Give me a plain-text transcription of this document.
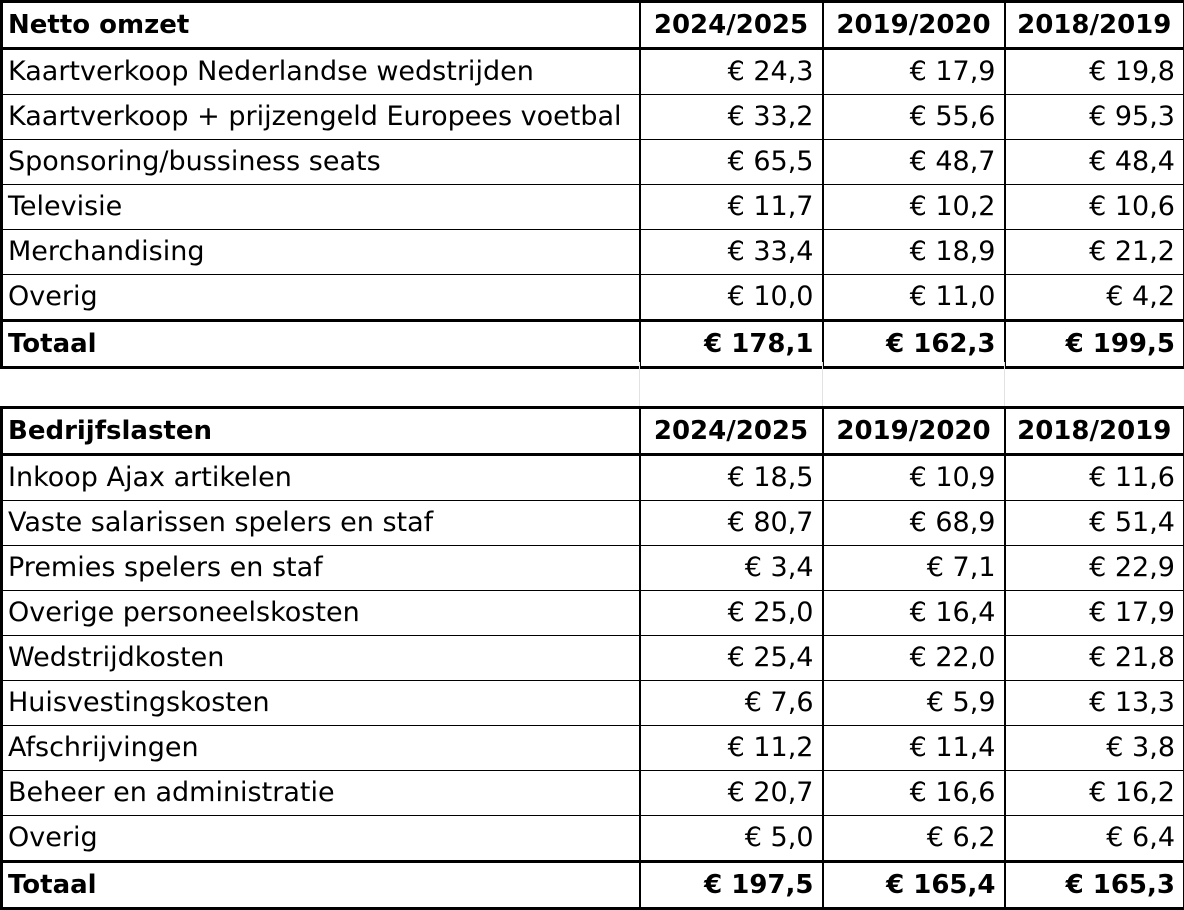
Netto omzet	2024/2025	2019/2020	2018/2019
Kaartverkoop Nederlandse wedstrijden	€ 24,3	€ 17,9	€ 19,8
Kaartverkoop + prijzengeld Europees voetbal	€ 33,2	€ 55,6	€ 95,3
Sponsoring/bussiness seats	€ 65,5	€ 48,7	€ 48,4
Televisie	€ 11,7	€ 10,2	€ 10,6
Merchandising	€ 33,4	€ 18,9	€ 21,2
Overig	€ 10,0	€ 11,0	€ 4,2
Totaal	€ 178,1	€ 162,3	€ 199,5
Bedrijfslasten	2024/2025	2019/2020	2018/2019
Inkoop Ajax artikelen	€ 18,5	€ 10,9	€ 11,6
Vaste salarissen spelers en staf	€ 80,7	€ 68,9	€ 51,4
Premies spelers en staf	€ 3,4	€ 7,1	€ 22,9
Overige personeelskosten	€ 25,0	€ 16,4	€ 17,9
Wedstrijdkosten	€ 25,4	€ 22,0	€ 21,8
Huisvestingskosten	€ 7,6	€ 5,9	€ 13,3
Afschrijvingen	€ 11,2	€ 11,4	€ 3,8
Beheer en administratie	€ 20,7	€ 16,6	€ 16,2
Overig	€ 5,0	€ 6,2	€ 6,4
Totaal	€ 197,5	€ 165,4	€ 165,3
